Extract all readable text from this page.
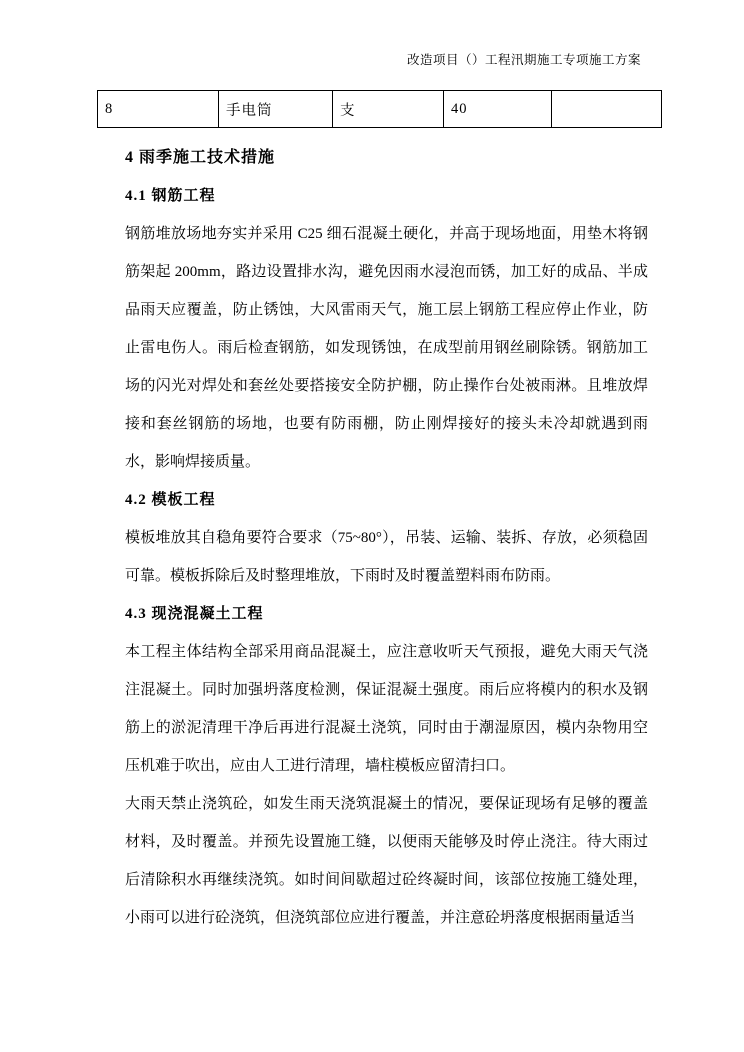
改造项目（）工程汛期施工专项施工方案
8	手电筒	支	40	
4 雨季施工技术措施
4.1 钢筋工程

钢筋堆放场地夯实并采用 C25 细石混凝土硬化，并高于现场地面，用垫木将钢筋架起 200mm，路边设置排水沟，避免因雨水浸泡而锈，加工好的成品、半成品雨天应覆盖，防止锈蚀，大风雷雨天气，施工层上钢筋工程应停止作业，防止雷电伤人。雨后检查钢筋，如发现锈蚀，在成型前用钢丝刷除锈。钢筋加工场的闪光对焊处和套丝处要搭接安全防护棚，防止操作台处被雨淋。且堆放焊接和套丝钢筋的场地，也要有防雨棚，防止刚焊接好的接头未冷却就遇到雨水，影响焊接质量。

4.2 模板工程

模板堆放其自稳角要符合要求（75~80°），吊装、运输、装拆、存放，必须稳固可靠。模板拆除后及时整理堆放，下雨时及时覆盖塑料雨布防雨。

4.3 现浇混凝土工程

本工程主体结构全部采用商品混凝土，应注意收听天气预报，避免大雨天气浇注混凝土。同时加强坍落度检测，保证混凝土强度。雨后应将模内的积水及钢筋上的淤泥清理干净后再进行混凝土浇筑，同时由于潮湿原因，模内杂物用空压机难于吹出，应由人工进行清理，墙柱模板应留清扫口。

大雨天禁止浇筑砼，如发生雨天浇筑混凝土的情况，要保证现场有足够的覆盖材料，及时覆盖。并预先设置施工缝，以便雨天能够及时停止浇注。待大雨过后清除积水再继续浇筑。如时间间歇超过砼终凝时间，该部位按施工缝处理，小雨可以进行砼浇筑，但浇筑部位应进行覆盖，并注意砼坍落度根据雨量适当
